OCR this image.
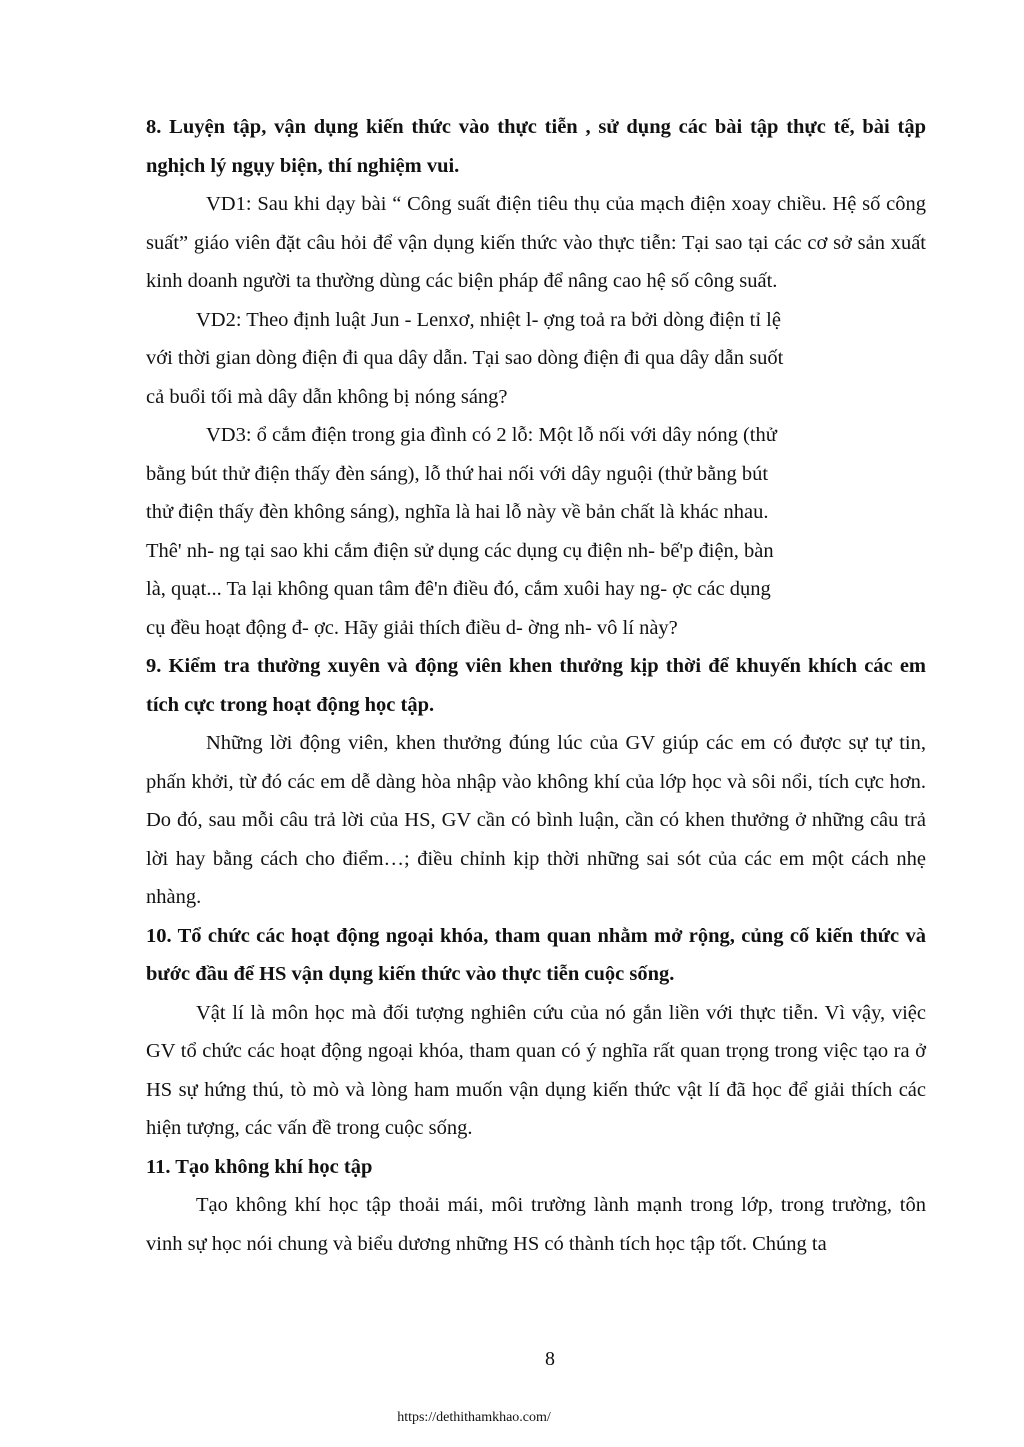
8. Luyện tập, vận dụng kiến thức vào thực tiễn , sử dụng các bài tập thực tế, bài tập nghịch lý ngụy biện, thí nghiệm vui.

VD1: Sau khi dạy bài “ Công suất điện tiêu thụ của mạch điện xoay chiều. Hệ số công suất” giáo viên đặt câu hỏi để vận dụng kiến thức vào thực tiễn: Tại sao tại các cơ sở sản xuất kinh doanh người ta thường dùng các biện pháp để nâng cao hệ số công suất.

VD2: Theo định luật Jun - Lenxơ, nhiệt l- ợng toả ra bởi dòng điện tỉ lệ
với thời gian dòng điện đi qua dây dẫn. Tại sao dòng điện đi qua dây dẫn suốt
cả buổi tối mà dây dẫn không bị nóng sáng?
VD3: ổ cắm điện trong gia đình có 2 lỗ: Một lỗ nối với dây nóng (thử
bằng bút thử điện thấy đèn sáng), lỗ thứ hai nối với dây nguội (thử bằng bút
thử điện thấy đèn không sáng), nghĩa là hai lỗ này về bản chất là khác nhau.
Thê' nh- ng tại sao khi cắm điện sử dụng các dụng cụ điện nh- bế'p điện, bàn
là, quạt... Ta lại không quan tâm đê'n điều đó, cắm xuôi hay ng- ợc các dụng
cụ đều hoạt động đ- ợc. Hãy giải thích điều d- ờng nh- vô lí này?

9. Kiểm tra thường xuyên và động viên khen thưởng kịp thời để khuyến khích các em tích cực trong hoạt động học tập.

Những lời động viên, khen thưởng đúng lúc của GV giúp các em có được sự tự tin, phấn khởi, từ đó các em dễ dàng hòa nhập vào không khí của lớp học và sôi nổi, tích cực hơn. Do đó, sau mỗi câu trả lời của HS, GV cần có bình luận, cần có khen thưởng ở những câu trả lời hay bằng cách cho điểm…; điều chỉnh kịp thời những sai sót của các em một cách nhẹ nhàng.

10. Tổ chức các hoạt động ngoại khóa, tham quan nhằm mở rộng, củng cố kiến thức và bước đầu để HS vận dụng kiến thức vào thực tiễn cuộc sống.

Vật lí là môn học mà đối tượng nghiên cứu của nó gắn liền với thực tiễn. Vì vậy, việc GV tổ chức các hoạt động ngoại khóa, tham quan có ý nghĩa rất quan trọng trong việc tạo ra ở HS sự hứng thú, tò mò và lòng ham muốn vận dụng kiến thức vật lí đã học để giải thích các hiện tượng, các vấn đề trong cuộc sống.

11. Tạo không khí học tập

Tạo không khí học tập thoải mái, môi trường lành mạnh trong lớp, trong trường, tôn vinh sự học nói chung và biểu dương những HS có thành tích học tập tốt. Chúng ta

8
https://dethithamkhao.com/
